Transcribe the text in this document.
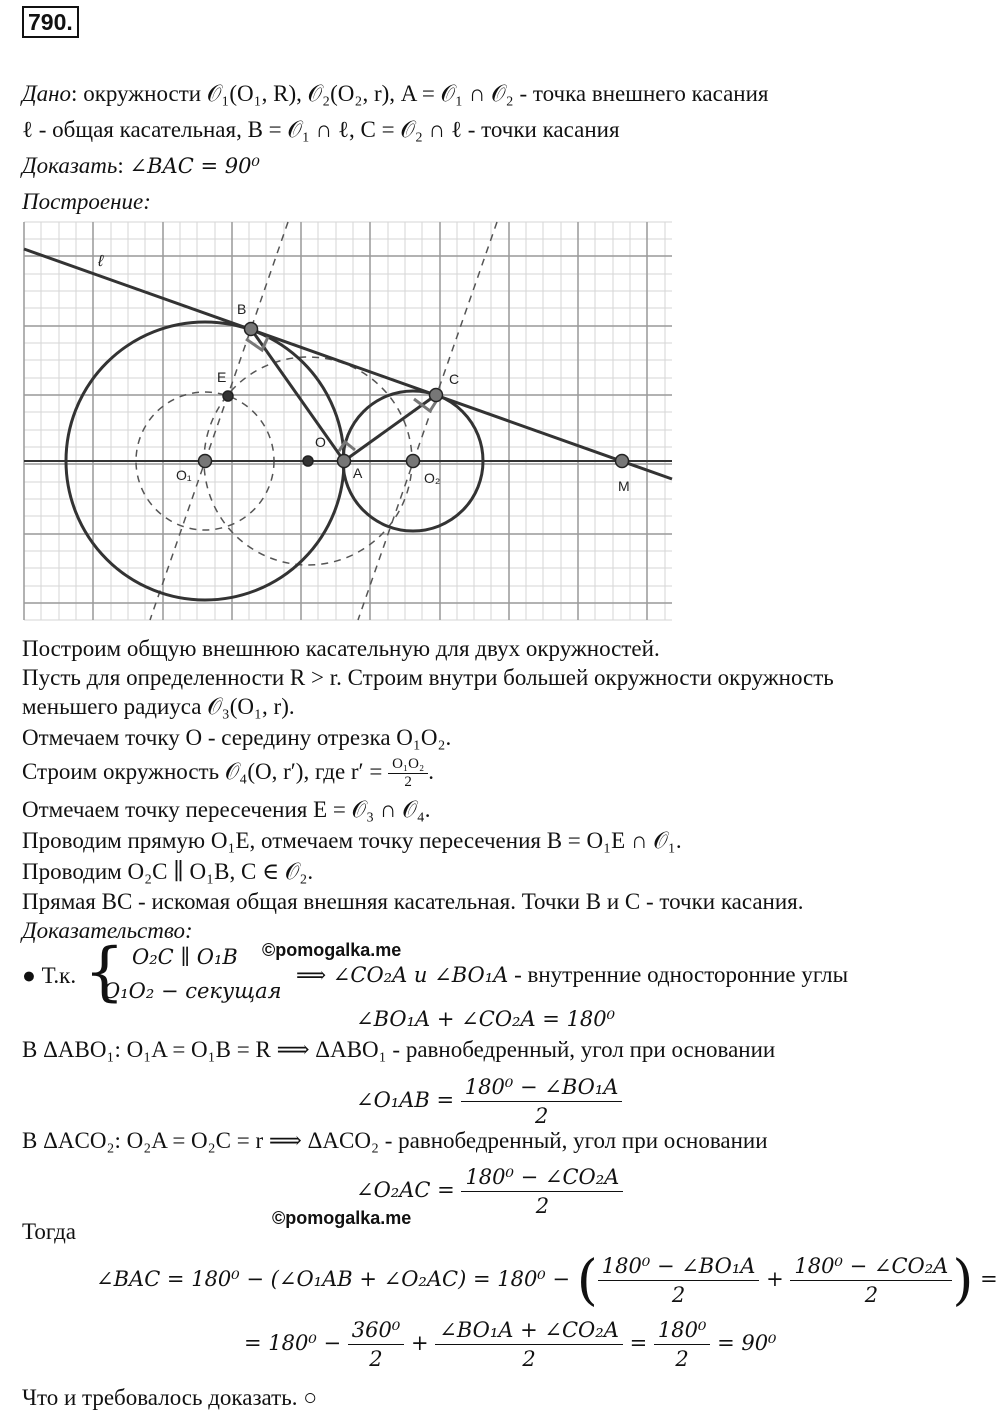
790.
Дано: окружности 𝒪₁(O₁, R), 𝒪₂(O₂, r), A = 𝒪₁ ∩ 𝒪₂ - точка внешнего касания
ℓ - общая касательная, B = 𝒪₁ ∩ ℓ, C = 𝒪₂ ∩ ℓ - точки касания
Доказать: ∠BAC = 90⁰
Построение:
ℓ
B
C
E
O
A
O₁	O₂	M
Построим общую внешнюю касательную для двух окружностей.
Пусть для определенности R > r. Строим внутри большей окружности окружность
меньшего радиуса 𝒪₃(O₁, r).
Отмечаем точку O - середину отрезка O₁O₂.
Строим окружность 𝒪₄(O, r′), где $r' = \frac{\text{O₁O₂}}{2}$ .
Отмечаем точку пересечения E = 𝒪₃ ∩ 𝒪₄.
Проводим прямую O₁E, отмечаем точку пересечения B = O₁E ∩ 𝒪₁.
Проводим O₂C ∥ O₁B, C ∈ 𝒪₂.
Прямая BC - искомая общая внешняя касательная. Точки B и C - точки касания.
Доказательство:
©pomogalka.me
● Т.к. { O₂C ∥ O₁B
O₁O₂ − секущая
⟹ ∠CO₂A и ∠BO₁A - внутренние односторонние углы
∠BO₁A + ∠CO₂A = 180⁰
В ΔABO₁: O₁A = O₁B = R ⟹ ΔABO₁ - равнобедренный, угол при основании
∠O₁AB = $\frac{\text{180⁰ − ∠BO₁A}}{2}$
В ΔACO₂: O₂A = O₂C = r ⟹ ΔACO₂ - равнобедренный, угол при основании
∠O₂AC = $\frac{\text{180⁰ − ∠CO₂A}}{2}$
©pomogalka.me
Тогда
∠BAC = 180⁰ − (∠O₁AB + ∠O₂AC) = 180⁰ − ( $\frac{\text{180⁰ − ∠BO₁A}}{2} + \frac{\text{180⁰ − ∠CO₂A}}{2}$ ) =
= $180^0 - \frac{\text{360⁰}}{2} + \frac{\text{∠BO₁A + ∠CO₂A}}{2} = \frac{\text{180⁰}}{2} = 90^0$
Что и требовалось доказать. ○
